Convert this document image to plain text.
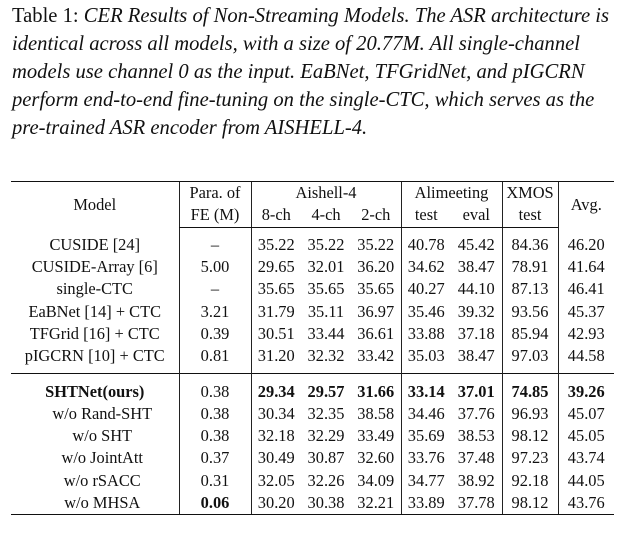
Table 1: CER Results of Non-Streaming Models. The ASR architecture is identical across all models, with a size of 20.77M. All single-channel models use channel 0 as the input. EaBNet, TFGridNet, and pIGCRN perform end-to-end fine-tuning on the single-CTC, which serves as the pre-trained ASR encoder from AISHELL-4.
Model	Para. of	Aishell-4			Alimeeting		XMOS	Avg.
	FE (M)	8-ch	4-ch	2-ch	test	eval	test	

CUSIDE [24]	–	35.22	35.22	35.22	40.78	45.42	84.36	46.20
CUSIDE-Array [6]	5.00	29.65	32.01	36.20	34.62	38.47	78.91	41.64
single-CTC	–	35.65	35.65	35.65	40.27	44.10	87.13	46.41
EaBNet [14] + CTC	3.21	31.79	35.11	36.97	35.46	39.32	93.56	45.37
TFGrid [16] + CTC	0.39	30.51	33.44	36.61	33.88	37.18	85.94	42.93
pIGCRN [10] + CTC	0.81	31.20	32.32	33.42	35.03	38.47	97.03	44.58

SHTNet(ours)	0.38	29.34	29.57	31.66	33.14	37.01	74.85	39.26
w/o Rand-SHT	0.38	30.34	32.35	38.58	34.46	37.76	96.93	45.07
w/o SHT	0.38	32.18	32.29	33.49	35.69	38.53	98.12	45.05
w/o JointAtt	0.37	30.49	30.87	32.60	33.76	37.48	97.23	43.74
w/o rSACC	0.31	32.05	32.26	34.09	34.77	38.92	92.18	44.05
w/o MHSA	0.06	30.20	30.38	32.21	33.89	37.78	98.12	43.76
